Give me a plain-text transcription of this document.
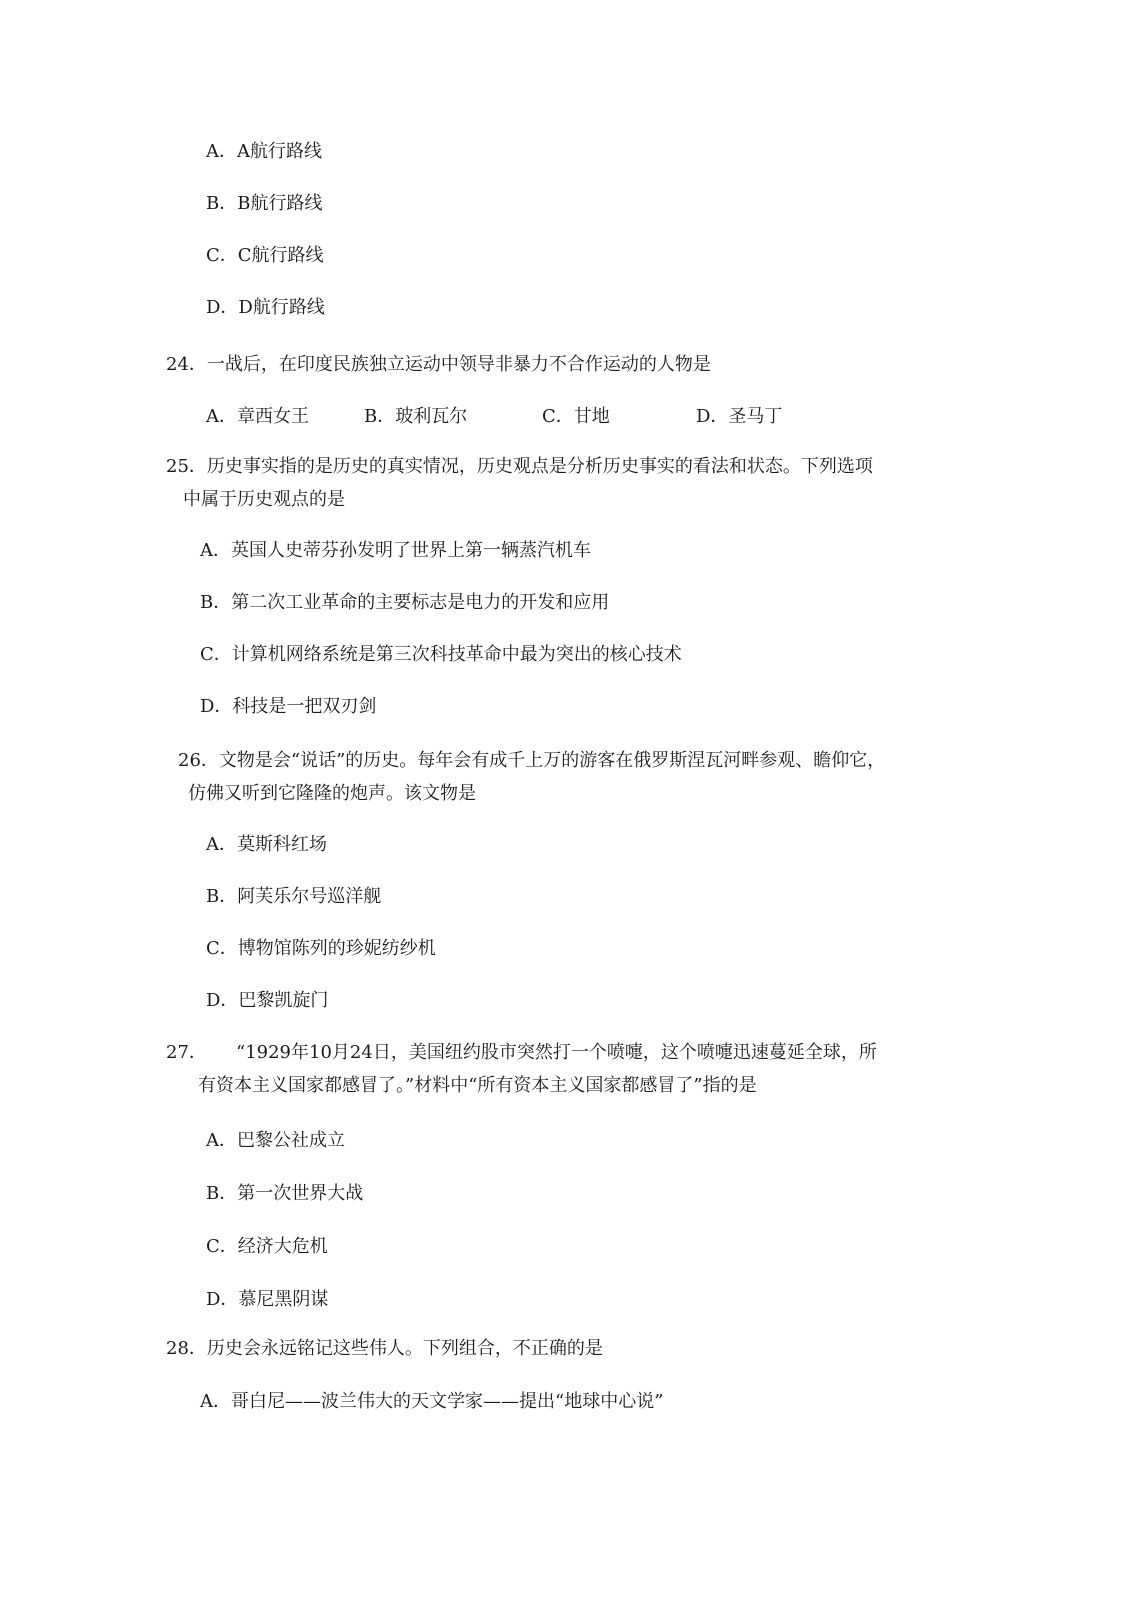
A．A航行路线
B．B航行路线
C．C航行路线
D．D航行路线
24．一战后，在印度民族独立运动中领导非暴力不合作运动的人物是
A．章西女王	B．玻利瓦尔	C．甘地	D．圣马丁
25．历史事实指的是历史的真实情况，历史观点是分析历史事实的看法和状态。下列选项
中属于历史观点的是
A．英国人史蒂芬孙发明了世界上第一辆蒸汽机车
B．第二次工业革命的主要标志是电力的开发和应用
C．计算机网络系统是第三次科技革命中最为突出的核心技术
D．科技是一把双刃剑
26．文物是会“说话”的历史。每年会有成千上万的游客在俄罗斯涅瓦河畔参观、瞻仰它，
仿佛又听到它隆隆的炮声。该文物是
A．莫斯科红场
B．阿芙乐尔号巡洋舰
C．博物馆陈列的珍妮纺纱机
D．巴黎凯旋门
27． “1929年10月24日，美国纽约股市突然打一个喷嚏，这个喷嚏迅速蔓延全球，所
有资本主义国家都感冒了。”材料中“所有资本主义国家都感冒了”指的是
A．巴黎公社成立
B．第一次世界大战
C．经济大危机
D．慕尼黑阴谋
28．历史会永远铭记这些伟人。下列组合，不正确的是
A．哥白尼——波兰伟大的天文学家——提出“地球中心说”
